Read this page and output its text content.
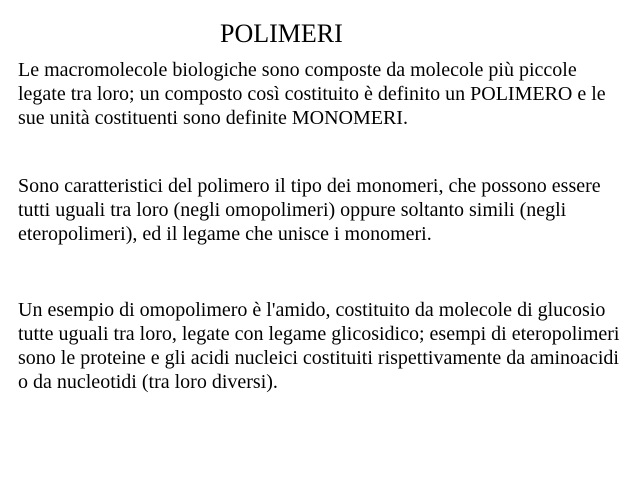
POLIMERI

Le macromolecole biologiche sono composte da molecole più piccole legate tra loro; un composto così costituito è definito un POLIMERO e le sue unità costituenti sono definite MONOMERI.

Sono caratteristici del polimero il tipo dei monomeri, che possono essere tutti uguali tra loro (negli omopolimeri) oppure soltanto simili (negli eteropolimeri), ed il legame che unisce i monomeri.

Un esempio di omopolimero è l'amido, costituito da molecole di glucosio tutte uguali tra loro, legate con legame glicosidico; esempi di eteropolimeri sono le proteine e gli acidi nucleici costituiti rispettivamente da aminoacidi o da nucleotidi (tra loro diversi).
